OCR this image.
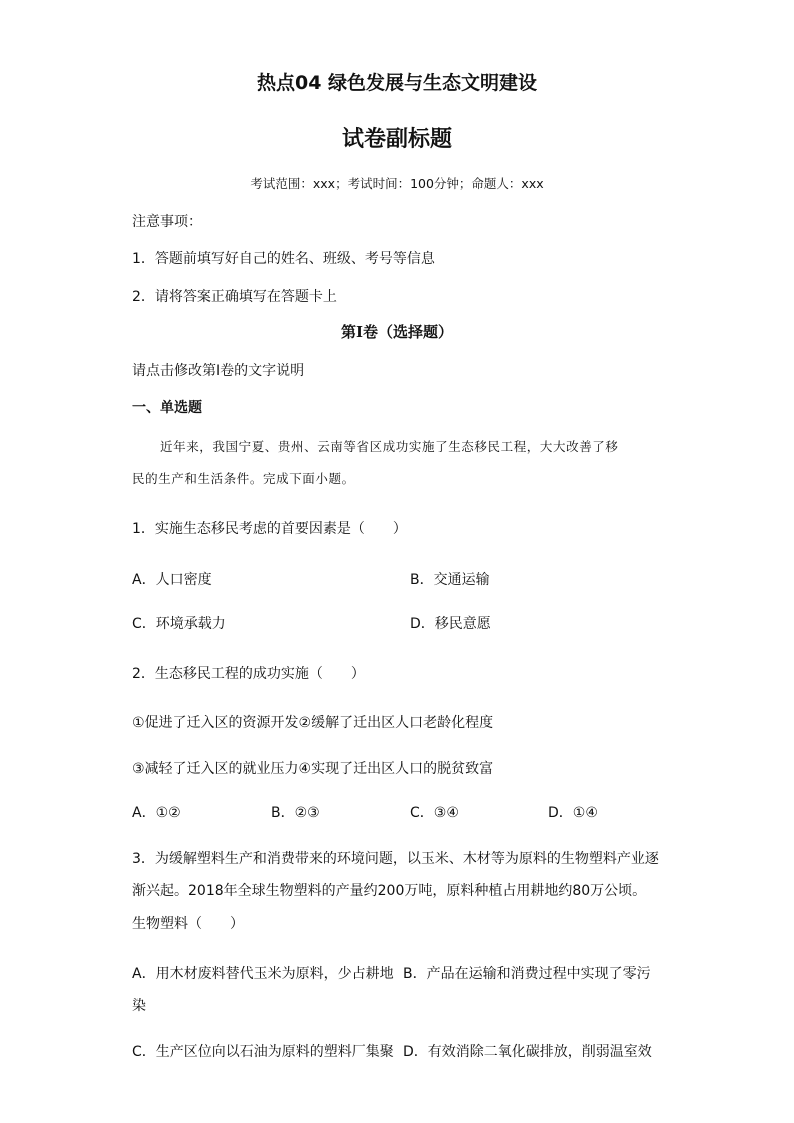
热点04 绿色发展与生态文明建设
试卷副标题
考试范围：xxx；考试时间：100分钟；命题人：xxx
注意事项：
1．答题前填写好自己的姓名、班级、考号等信息
2．请将答案正确填写在答题卡上
第I卷（选择题）
请点击修改第I卷的文字说明
一、单选题
近年来，我国宁夏、贵州、云南等省区成功实施了生态移民工程，大大改善了移
民的生产和生活条件。完成下面小题。
1．实施生态移民考虑的首要因素是（　　）
A．人口密度	B．交通运输
C．环境承载力	D．移民意愿
2．生态移民工程的成功实施（　　）
①促进了迁入区的资源开发②缓解了迁出区人口老龄化程度
③减轻了迁入区的就业压力④实现了迁出区人口的脱贫致富
A．①②	B．②③	C．③④	D．①④
3．为缓解塑料生产和消费带来的环境问题，以玉米、木材等为原料的生物塑料产业逐
渐兴起。2018年全球生物塑料的产量约200万吨，原料种植占用耕地约80万公顷。
生物塑料（　　）
A．用木材废料替代玉米为原料，少占耕地 B．产品在运输和消费过程中实现了零污
染
C．生产区位向以石油为原料的塑料厂集聚 D．有效消除二氧化碳排放，削弱温室效
